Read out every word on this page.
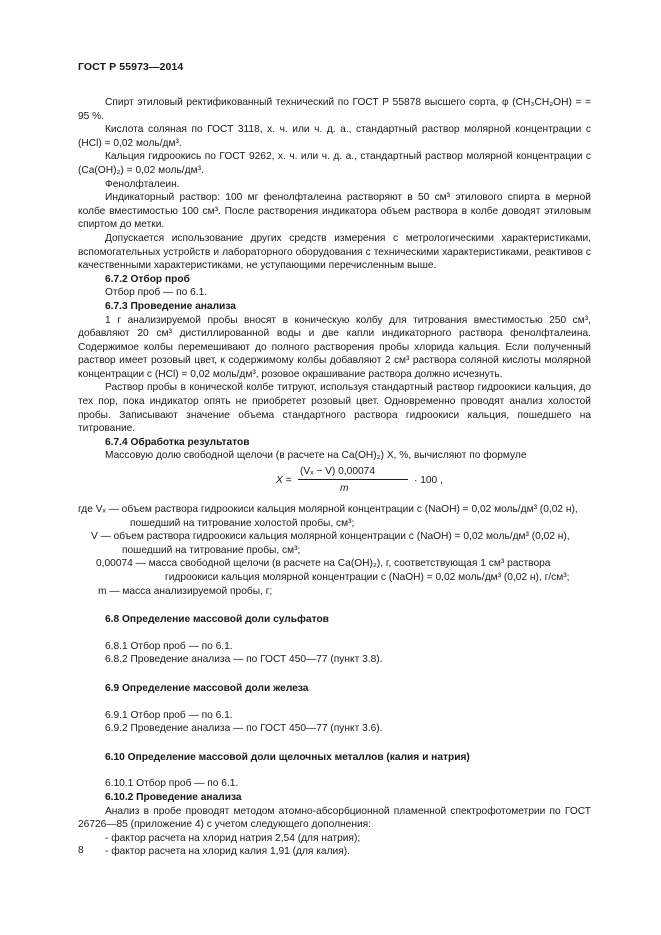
ГОСТ Р 55973—2014

Спирт этиловый ректификованный технический по ГОСТ Р 55878 высшего сорта, φ (CH₃CH₂OH) = = 95 %.

Кислота соляная по ГОСТ 3118, х. ч. или ч. д. а., стандартный раствор молярной концентрации c (HCl) = 0,02 моль/дм³.

Кальция гидроокись по ГОСТ 9262, х. ч. или ч. д. а., стандартный раствор молярной концентрации c (Ca(OH)₂) = 0,02 моль/дм³.

Фенолфталеин.

Индикаторный раствор: 100 мг фенолфталеина растворяют в 50 см³ этилового спирта в мерной колбе вместимостью 100 см³. После растворения индикатора объем раствора в колбе доводят этиловым спиртом до метки.

Допускается использование других средств измерения с метрологическими характеристиками, вспомогательных устройств и лабораторного оборудования с техническими характеристиками, реактивов с качественными характеристиками, не уступающими перечисленным выше.

6.7.2 Отбор проб

Отбор проб — по 6.1.

6.7.3 Проведение анализа

1 г анализируемой пробы вносят в коническую колбу для титрования вместимостью 250 см³, добавляют 20 см³ дистиллированной воды и две капли индикаторного раствора фенолфталеина. Содержимое колбы перемешивают до полного растворения пробы хлорида кальция. Если полученный раствор имеет розовый цвет, к содержимому колбы добавляют 2 см³ раствора соляной кислоты молярной концентрации с (HCl) = 0,02 моль/дм³, розовое окрашивание раствора должно исчезнуть.

Раствор пробы в конической колбе титруют, используя стандартный раствор гидроокиси кальция, до тех пор, пока индикатор опять не приобретет розовый цвет. Одновременно проводят анализ холостой пробы. Записывают значение объема стандартного раствора гидроокиси кальция, пошедшего на титрование.

6.7.4 Обработка результатов

Массовую долю свободной щелочи (в расчете на Ca(OH)₂) X, %, вычисляют по формуле

X =
(Vₓ − V) 0,00074
m
· 100 ,

где Vₓ — объем раствора гидроокиси кальция молярной концентрации c (NaOH) = 0,02 моль/дм³ (0,02 н), пошедший на титрование холостой пробы, см³;

V — объем раствора гидроокиси кальция молярной концентрации c (NaOH) = 0,02 моль/дм³ (0,02 н), пошедший на титрование пробы, см³;

0,00074 — масса свободной щелочи (в расчете на Ca(OH)₂), г, соответствующая 1 см³ раствора гидроокиси кальция молярной концентрации с (NaOH) = 0,02 моль/дм³ (0,02 н), г/см³;

m — масса анализируемой пробы, г;

6.8 Определение массовой доли сульфатов

6.8.1 Отбор проб — по 6.1.

6.8.2 Проведение анализа — по ГОСТ 450—77 (пункт 3.8).

6.9 Определение массовой доли железа

6.9.1 Отбор проб — по 6.1.

6.9.2 Проведение анализа — по ГОСТ 450—77 (пункт 3.6).

6.10 Определение массовой доли щелочных металлов (калия и натрия)

6.10.1 Отбор проб — по 6.1.

6.10.2 Проведение анализа

Анализ в пробе проводят методом атомно-абсорбционной пламенной спектрофотометрии по ГОСТ 26726—85 (приложение 4) с учетом следующего дополнения:

- фактор расчета на хлорид натрия 2,54 (для натрия);

- фактор расчета на хлорид калия 1,91 (для калия).

8
